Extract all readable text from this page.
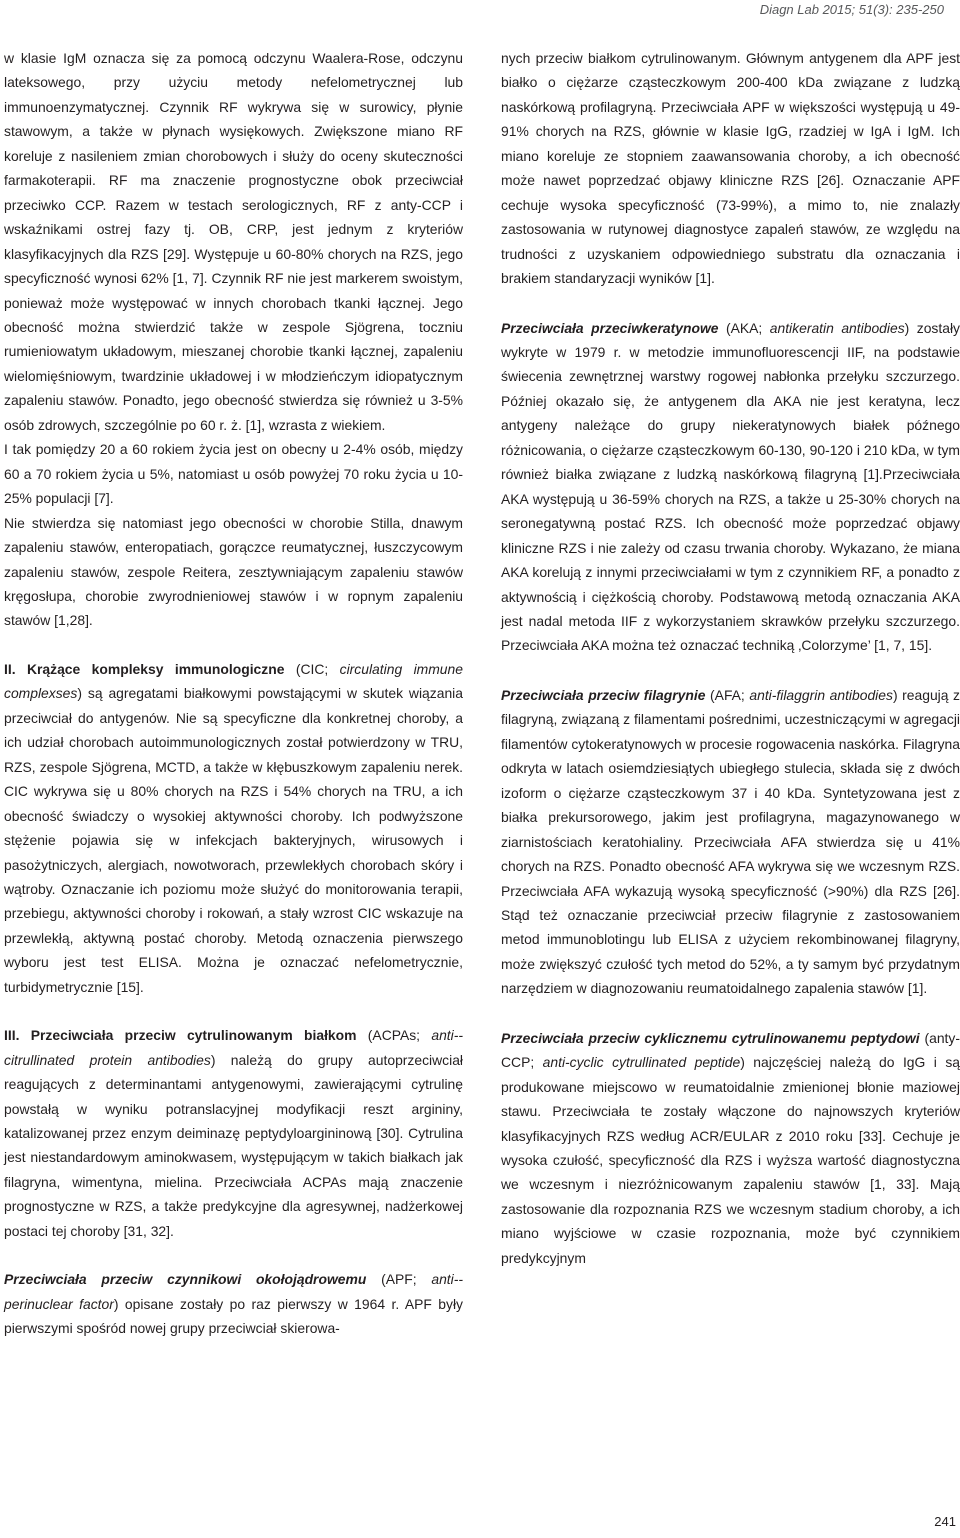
Diagn Lab 2015; 51(3): 235-250

w klasie IgM oznacza się za pomocą odczynu Waalera-Rose, odczynu lateksowego, przy użyciu metody nefelometrycznej lub immunoenzymatycznej. Czynnik RF wykrywa się w surowicy, płynie stawowym, a także w płynach wysiękowych. Zwiększone miano RF koreluje z nasileniem zmian chorobowych i służy do oceny skuteczności farmakoterapii. RF ma znaczenie prognostyczne obok przeciwciał przeciwko CCP. Razem w testach serologicznych, RF z anty-CCP i wskaźnikami ostrej fazy tj. OB, CRP, jest jednym z kryteriów klasyfikacyjnych dla RZS [29]. Występuje u 60-80% chorych na RZS, jego specyficzność wynosi 62% [1, 7]. Czynnik RF nie jest markerem swoistym, ponieważ może występować w innych chorobach tkanki łącznej. Jego obecność można stwierdzić także w zespole Sjögrena, toczniu rumieniowatym układowym, mieszanej chorobie tkanki łącznej, zapaleniu wielomięśniowym, twardzinie układowej i w młodzieńczym idiopatycznym zapaleniu stawów. Ponadto, jego obecność stwierdza się również u 3-5% osób zdrowych, szczególnie po 60 r. ż. [1], wzrasta z wiekiem.

I tak pomiędzy 20 a 60 rokiem życia jest on obecny u 2-4% osób, między 60 a 70 rokiem życia u 5%, natomiast u osób powyżej 70 roku życia u 10-25% populacji [7].

Nie stwierdza się natomiast jego obecności w chorobie Stilla, dnawym zapaleniu stawów, enteropatiach, gorączce reumatycznej, łuszczycowym zapaleniu stawów, zespole Reitera, zesztywniającym zapaleniu stawów kręgosłupa, chorobie zwyrodnieniowej stawów i w ropnym zapaleniu stawów [1,28].

II. Krążące kompleksy immunologiczne (CIC; circulating immune complexses) są agregatami białkowymi powstającymi w skutek wiązania przeciwciał do antygenów. Nie są specyficzne dla konkretnej choroby, a ich udział chorobach autoimmunologicznych został potwierdzony w TRU, RZS, zespole Sjögrena, MCTD, a także w kłębuszkowym zapaleniu nerek. CIC wykrywa się u 80% chorych na RZS i 54% chorych na TRU, a ich obecność świadczy o wysokiej aktywności choroby. Ich podwyższone stężenie pojawia się w infekcjach bakteryjnych, wirusowych i pasożytniczych, alergiach, nowotworach, przewlekłych chorobach skóry i wątroby. Oznaczanie ich poziomu może służyć do monitorowania terapii, przebiegu, aktywności choroby i rokowań, a stały wzrost CIC wskazuje na przewlekłą, aktywną postać choroby. Metodą oznaczenia pierwszego wyboru jest test ELISA. Można je oznaczać nefelometrycznie, turbidymetrycznie [15].

III. Przeciwciała przeciw cytrulinowanym białkom (ACPAs; anti--citrullinated protein antibodies) należą do grupy autoprzeciwciał reagujących z determinantami antygenowymi, zawierającymi cytrulinę powstałą w wyniku potranslacyjnej modyfikacji reszt argininy, katalizowanej przez enzym deiminazę peptydyloargininową [30]. Cytrulina jest niestandardowym aminokwasem, występującym w takich białkach jak filagryna, wimentyna, mielina. Przeciwciała ACPAs mają znaczenie prognostyczne w RZS, a także predykcyjne dla agresywnej, nadżerkowej postaci tej choroby [31, 32].

Przeciwciała przeciw czynnikowi okołojądrowemu (APF; anti--perinuclear factor) opisane zostały po raz pierwszy w 1964 r. APF były pierwszymi spośród nowej grupy przeciwciał skierowa-

nych przeciw białkom cytrulinowanym. Głównym antygenem dla APF jest białko o ciężarze cząsteczkowym 200-400 kDa związane z ludzką naskórkową profilagryną. Przeciwciała APF w większości występują u 49-91% chorych na RZS, głównie w klasie IgG, rzadziej w IgA i IgM. Ich miano koreluje ze stopniem zaawansowania choroby, a ich obecność może nawet poprzedzać objawy kliniczne RZS [26]. Oznaczanie APF cechuje wysoka specyficzność (73-99%), a mimo to, nie znalazły zastosowania w rutynowej diagnostyce zapaleń stawów, ze względu na trudności z uzyskaniem odpowiedniego substratu dla oznaczania i brakiem standaryzacji wyników [1].

Przeciwciała przeciwkeratynowe (AKA; antikeratin antibodies) zostały wykryte w 1979 r. w metodzie immunofluorescencji IIF, na podstawie świecenia zewnętrznej warstwy rogowej nabłonka przełyku szczurzego. Później okazało się, że antygenem dla AKA nie jest keratyna, lecz antygeny należące do grupy niekeratynowych białek późnego różnicowania, o ciężarze cząsteczkowym 60-130, 90-120 i 210 kDa, w tym również białka związane z ludzką naskórkową filagryną [1].Przeciwciała AKA występują u 36-59% chorych na RZS, a także u 25-30% chorych na seronegatywną postać RZS. Ich obecność może poprzedzać objawy kliniczne RZS i nie zależy od czasu trwania choroby. Wykazano, że miana AKA korelują z innymi przeciwciałami w tym z czynnikiem RF, a ponadto z aktywnością i ciężkością choroby. Podstawową metodą oznaczania AKA jest nadal metoda IIF z wykorzystaniem skrawków przełyku szczurzego. Przeciwciała AKA można też oznaczać techniką ‚Colorzyme’ [1, 7, 15].

Przeciwciała przeciw filagrynie (AFA; anti-filaggrin antibodies) reagują z filagryną, związaną z filamentami pośrednimi, uczestniczącymi w agregacji filamentów cytokeratynowych w procesie rogowacenia naskórka. Filagryna odkryta w latach osiemdziesiątych ubiegłego stulecia, składa się z dwóch izoform o ciężarze cząsteczkowym 37 i 40 kDa. Syntetyzowana jest z białka prekursorowego, jakim jest profilagryna, magazynowanego w ziarnistościach keratohialiny. Przeciwciała AFA stwierdza się u 41% chorych na RZS. Ponadto obecność AFA wykrywa się we wczesnym RZS. Przeciwciała AFA wykazują wysoką specyficzność (>90%) dla RZS [26]. Stąd też oznaczanie przeciwciał przeciw filagrynie z zastosowaniem metod immunoblotingu lub ELISA z użyciem rekombinowanej filagryny, może zwiększyć czułość tych metod do 52%, a ty samym być przydatnym narzędziem w diagnozowaniu reumatoidalnego zapalenia stawów [1].

Przeciwciała przeciw cyklicznemu cytrulinowanemu peptydowi (anty-CCP; anti-cyclic cytrullinated peptide) najczęściej należą do IgG i są produkowane miejscowo w reumatoidalnie zmienionej błonie maziowej stawu. Przeciwciała te zostały włączone do najnowszych kryteriów klasyfikacyjnych RZS według ACR/EULAR z 2010 roku [33]. Cechuje je wysoka czułość, specyficzność dla RZS i wyższa wartość diagnostyczna we wczesnym i niezróżnicowanym zapaleniu stawów [1, 33]. Mają zastosowanie dla rozpoznania RZS we wczesnym stadium choroby, a ich miano wyjściowe w czasie rozpoznania, może być czynnikiem predykcyjnym

241
